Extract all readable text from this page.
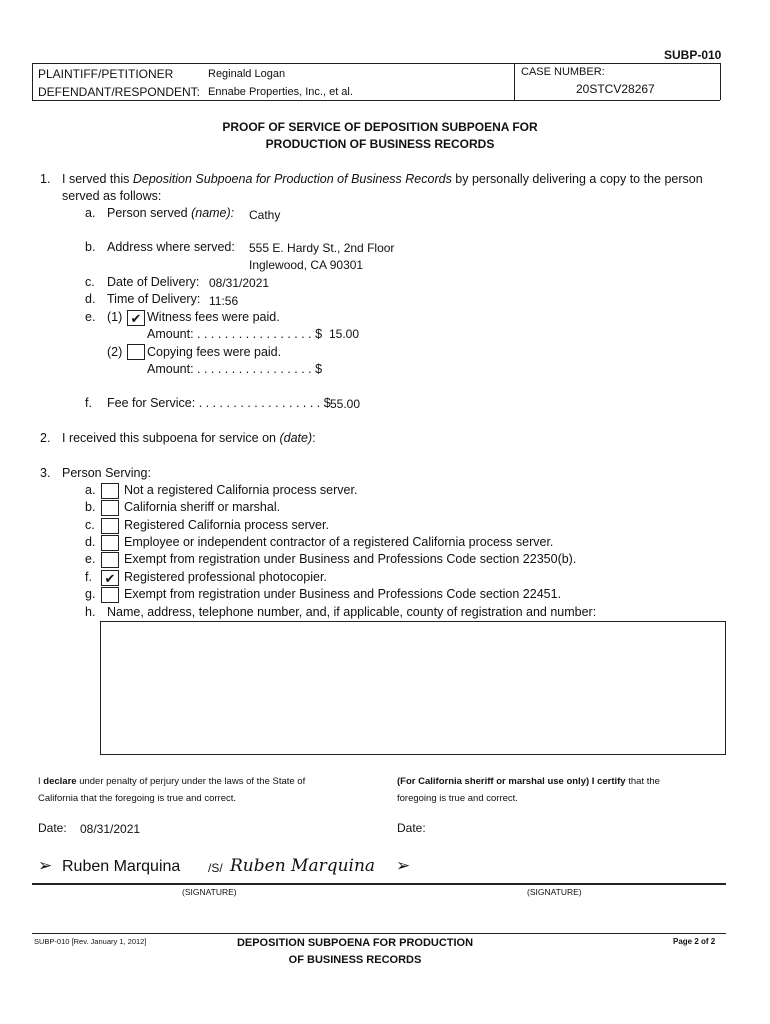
SUBP-010
PLAINTIFF/PETITIONER	Reginald Logan
DEFENDANT/RESPONDENT: Ennabe Properties, Inc., et al.
CASE NUMBER:
20STCV28267
PROOF OF SERVICE OF DEPOSITION SUBPOENA FOR
PRODUCTION OF BUSINESS RECORDS
1. I served this Deposition Subpoena for Production of Business Records by personally delivering a copy to the person
served as follows:
a. Person served (name): Cathy
b. Address where served: 555 E. Hardy St., 2nd Floor
Inglewood, CA 90301
c. Date of Delivery: 08/31/2021
d. Time of Delivery: 11:56
e. (1) ✔ Witness fees were paid.
Amount: . . . . . . . . . . . . . . . . . $ 15.00
(2) Copying fees were paid.
Amount: . . . . . . . . . . . . . . . . . $
f. Fee for Service: . . . . . . . . . . . . . . . . . . $ 55.00
2. I received this subpoena for service on (date):
3. Person Serving:
a. Not a registered California process server.
b. California sheriff or marshal.
c. Registered California process server.
d. Employee or independent contractor of a registered California process server.
e. Exempt from registration under Business and Professions Code section 22350(b).
f. ✔ Registered professional photocopier.
g. Exempt from registration under Business and Professions Code section 22451.
h. Name, address, telephone number, and, if applicable, county of registration and number:
I declare under penalty of perjury under the laws of the State of
California that the foregoing is true and correct.
(For California sheriff or marshal use only) I certify that the
foregoing is true and correct.
Date: 08/31/2021	Date:
➢ Ruben Marquina /S/ Ruben Marquina ➢
(SIGNATURE)	(SIGNATURE)
SUBP-010 [Rev. January 1, 2012]	DEPOSITION SUBPOENA FOR PRODUCTION
OF BUSINESS RECORDS
Page 2 of 2
